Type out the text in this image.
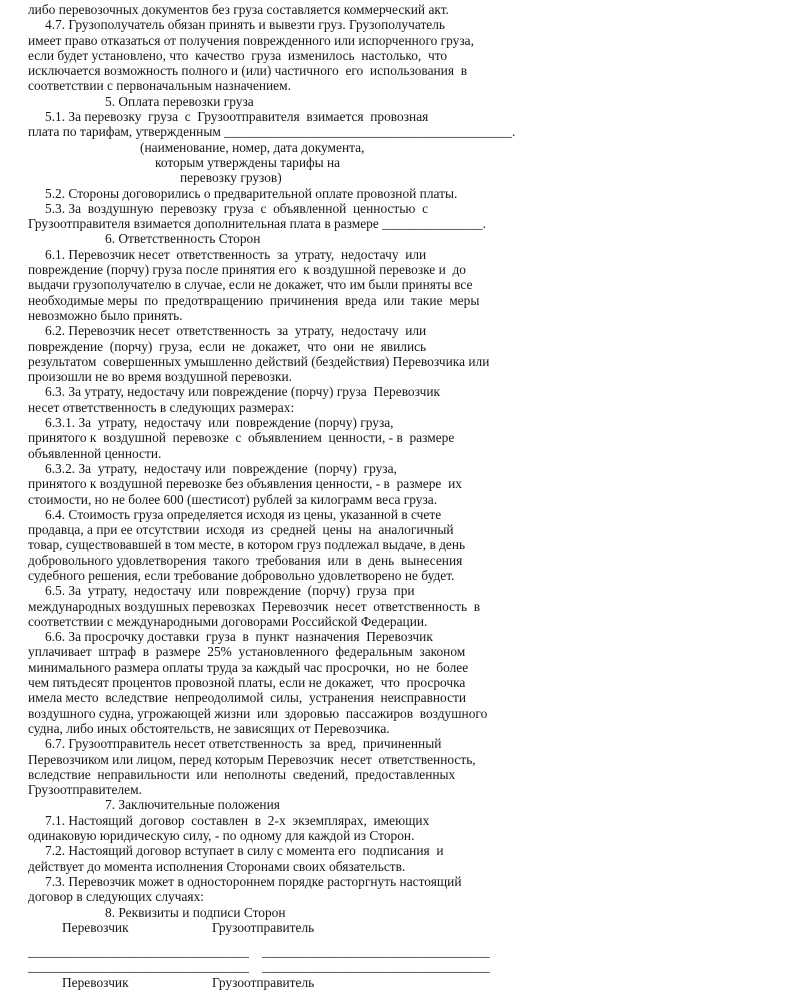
либо перевозочных документов без груза составляется коммерческий акт.
4.7. Грузополучатель обязан принять и вывезти груз. Грузополучатель
имеет право отказаться от получения поврежденного или испорченного груза,
если будет установлено, что  качество  груза  изменилось  настолько,  что
исключается возможность полного и (или) частичного  его  использования  в
соответствии с первоначальным назначением.
5. Оплата перевозки груза
5.1. За перевозку  груза  с  Грузоотправителя  взимается  провозная
плата по тарифам, утвержденным ___________________________________________.
(наименование, номер, дата документа,
которым утверждены тарифы на
перевозку грузов)
5.2. Стороны договорились о предварительной оплате провозной платы.
5.3. За  воздушную  перевозку  груза  с  объявленной  ценностью  с
Грузоотправителя взимается дополнительная плата в размере _______________.
6. Ответственность Сторон
6.1. Перевозчик несет  ответственность  за  утрату,  недостачу  или
повреждение (порчу) груза после принятия его  к воздушной перевозке и  до
выдачи грузополучателю в случае, если не докажет, что им были приняты все
необходимые меры  по  предотвращению  причинения  вреда  или  такие  меры
невозможно было принять.
6.2. Перевозчик несет  ответственность  за  утрату,  недостачу  или
повреждение  (порчу)  груза,  если  не  докажет,  что  они  не  явились
результатом  совершенных умышленно действий (бездействия) Перевозчика или
произошли не во время воздушной перевозки.
6.3. За утрату, недостачу или повреждение (порчу) груза  Перевозчик
несет ответственность в следующих размерах:
6.3.1. За  утрату,  недостачу  или  повреждение (порчу) груза,
принятого к  воздушной  перевозке  с  объявлением  ценности, - в  размере
объявленной ценности.
6.3.2. За  утрату,  недостачу или  повреждение  (порчу)  груза,
принятого к воздушной перевозке без объявления ценности, - в  размере  их
стоимости, но не более 600 (шестисот) рублей за килограмм веса груза.
6.4. Стоимость груза определяется исходя из цены, указанной в счете
продавца, а при ее отсутствии  исходя  из  средней  цены  на  аналогичный
товар, существовавшей в том месте, в котором груз подлежал выдаче, в день
добровольного удовлетворения  такого  требования  или  в  день  вынесения
судебного решения, если требование добровольно удовлетворено не будет.
6.5. За  утрату,  недостачу  или  повреждение  (порчу)  груза  при
международных воздушных перевозках  Перевозчик  несет  ответственность  в
соответствии с международными договорами Российской Федерации.
6.6. За просрочку доставки  груза  в  пункт  назначения  Перевозчик
уплачивает  штраф  в  размере  25%  установленного  федеральным  законом
минимального размера оплаты труда за каждый час просрочки,  но  не  более
чем пятьдесят процентов провозной платы, если не докажет,  что  просрочка
имела место  вследствие  непреодолимой  силы,  устранения  неисправности
воздушного судна, угрожающей жизни  или  здоровью  пассажиров  воздушного
судна, либо иных обстоятельств, не зависящих от Перевозчика.
6.7. Грузоотправитель несет ответственность  за  вред,  причиненный
Перевозчиком или лицом, перед которым Перевозчик  несет  ответственность,
вследствие  неправильности  или  неполноты  сведений,  предоставленных
Грузоотправителем.
7. Заключительные положения
7.1. Настоящий  договор  составлен  в  2-х  экземплярах,  имеющих
одинаковую юридическую силу, - по одному для каждой из Сторон.
7.2. Настоящий договор вступает в силу с момента его  подписания  и
действует до момента исполнения Сторонами своих обязательств.
7.3. Перевозчик может в одностороннем порядке расторгнуть настоящий
договор в следующих случаях:
8. Реквизиты и подписи Сторон
Перевозчик	Грузоотправитель
_________________________________ __________________________________
_________________________________ __________________________________
Перевозчик	Грузоотправитель
